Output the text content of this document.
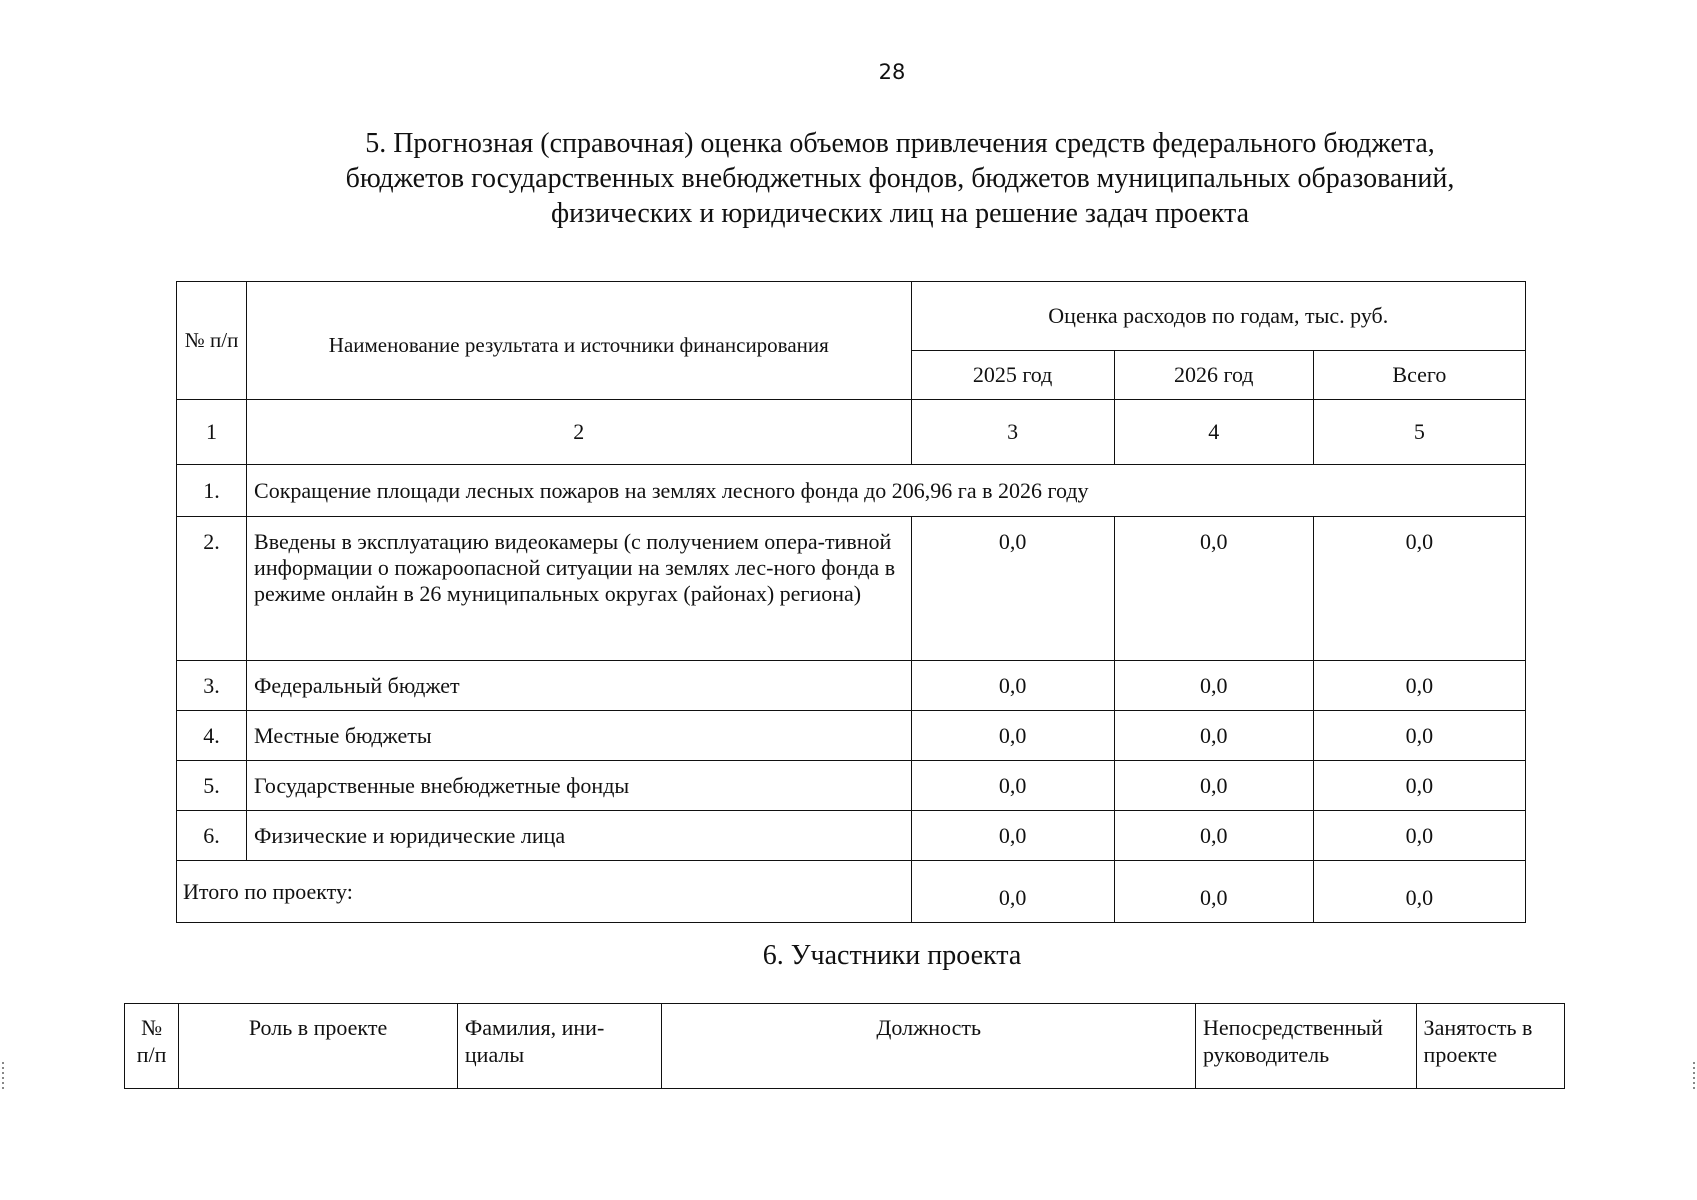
28
5. Прогнозная (справочная) оценка объемов привлечения средств федерального бюджета,
бюджетов государственных внебюджетных фондов, бюджетов муниципальных образований,
физических и юридических лиц на решение задач проекта
№ п/п	Наименование результата и источники финансирования	Оценка расходов по годам, тыс. руб.		
		2025 год	2026 год	Всего
1	2	3	4	5
1.	Сокращение площади лесных пожаров на землях лесного фонда до 206,96 га в 2026 году			
2.	Введены в эксплуатацию видеокамеры (с получением опера-тивной информации о пожароопасной ситуации на землях лес-ного фонда в режиме онлайн в 26 муниципальных округах (районах) региона)	0,0	0,0	0,0
3.	Федеральный бюджет	0,0	0,0	0,0
4.	Местные бюджеты	0,0	0,0	0,0
5.	Государственные внебюджетные фонды	0,0	0,0	0,0
6.	Физические и юридические лица	0,0	0,0	0,0
Итого по проекту:		0,0	0,0	0,0
6. Участники проекта
№ п/п	Роль в проекте	Фамилия, ини-циалы	Должность	Непосредственный руководитель	Занятость в проекте
